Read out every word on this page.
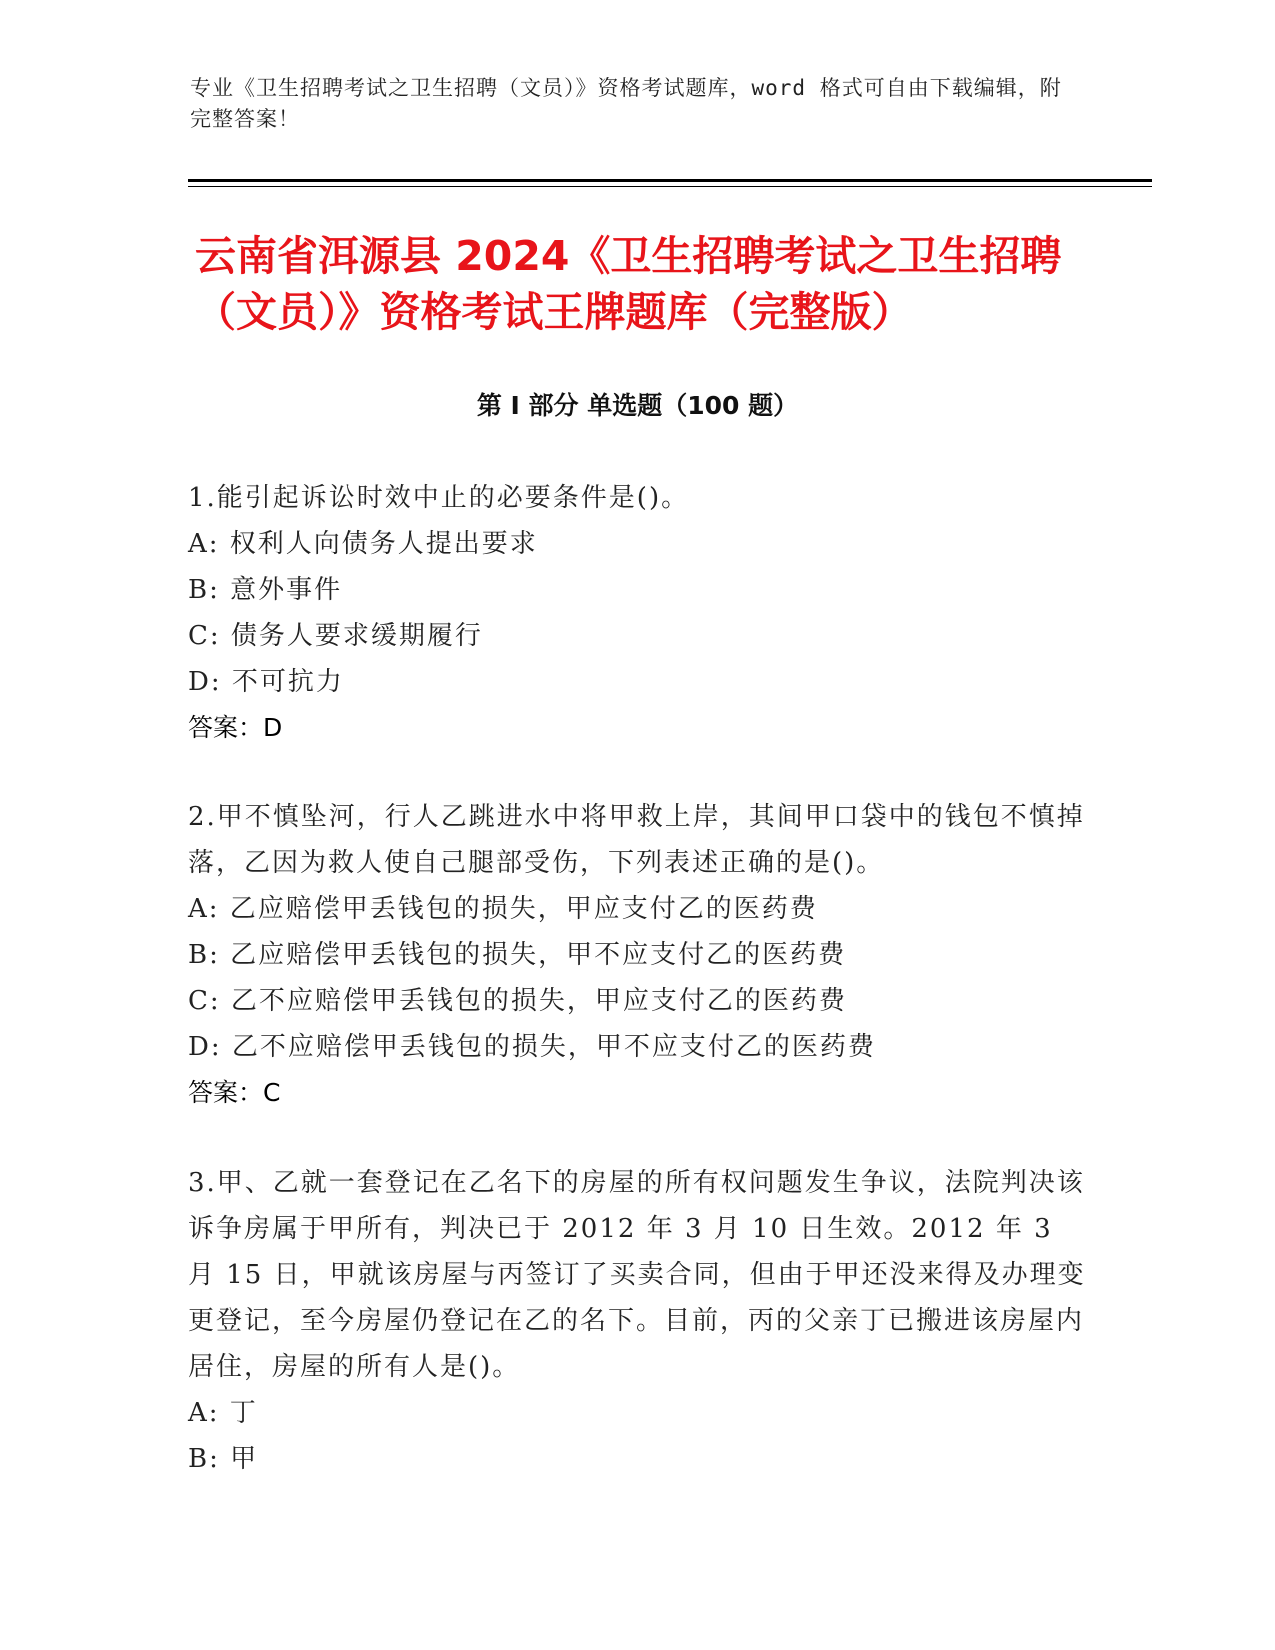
专业《卫生招聘考试之卫生招聘（文员）》资格考试题库，word 格式可自由下载编辑，附完整答案！
云南省洱源县 2024《卫生招聘考试之卫生招聘（文员）》资格考试王牌题库（完整版）
第 I 部分 单选题（100 题）
1.能引起诉讼时效中止的必要条件是()。
A: 权利人向债务人提出要求
B: 意外事件
C: 债务人要求缓期履行
D: 不可抗力
答案：D
2.甲不慎坠河，行人乙跳进水中将甲救上岸，其间甲口袋中的钱包不慎掉落，乙因为救人使自己腿部受伤，下列表述正确的是()。
A: 乙应赔偿甲丢钱包的损失，甲应支付乙的医药费
B: 乙应赔偿甲丢钱包的损失，甲不应支付乙的医药费
C: 乙不应赔偿甲丢钱包的损失，甲应支付乙的医药费
D: 乙不应赔偿甲丢钱包的损失，甲不应支付乙的医药费
答案：C
3.甲、乙就一套登记在乙名下的房屋的所有权问题发生争议，法院判决该诉争房属于甲所有，判决已于 2012 年 3 月 10 日生效。2012 年 3 月 15 日，甲就该房屋与丙签订了买卖合同，但由于甲还没来得及办理变更登记，至今房屋仍登记在乙的名下。目前，丙的父亲丁已搬进该房屋内居住，房屋的所有人是()。
A: 丁
B: 甲
